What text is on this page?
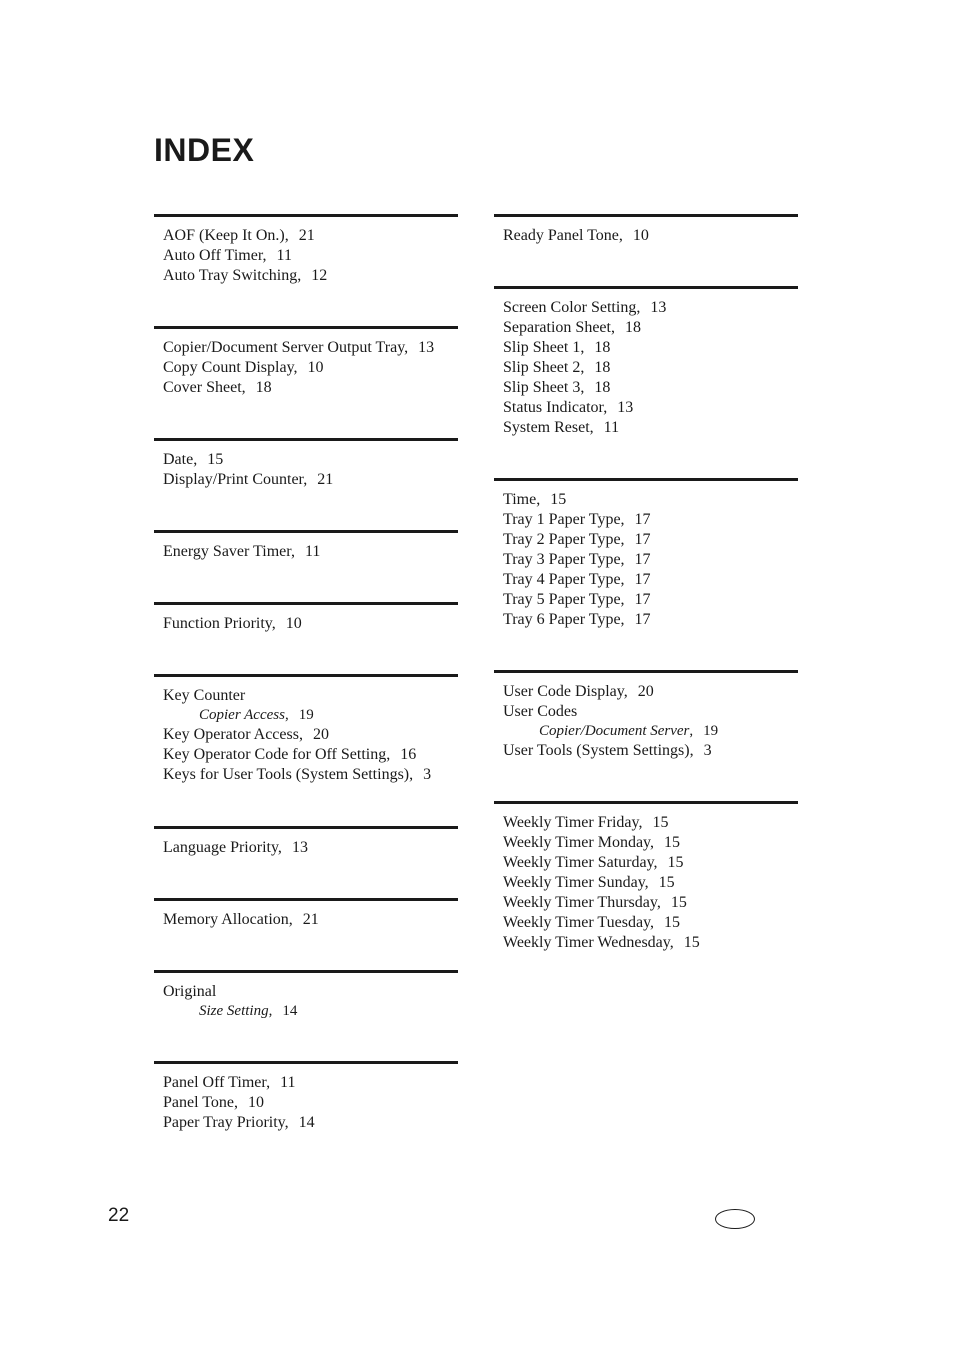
INDEX
AOF (Keep It On.), 21
Auto Off Timer, 11
Auto Tray Switching, 12
Copier/Document Server Output Tray, 13
Copy Count Display, 10
Cover Sheet, 18
Date, 15
Display/Print Counter, 21
Energy Saver Timer, 11
Function Priority, 10
Key Counter
Copier Access, 19
Key Operator Access, 20
Key Operator Code for Off Setting, 16
Keys for User Tools (System Settings), 3
Language Priority, 13
Memory Allocation, 21
Original
Size Setting, 14
Panel Off Timer, 11
Panel Tone, 10
Paper Tray Priority, 14
Ready Panel Tone, 10
Screen Color Setting, 13
Separation Sheet, 18
Slip Sheet 1, 18
Slip Sheet 2, 18
Slip Sheet 3, 18
Status Indicator, 13
System Reset, 11
Time, 15
Tray 1 Paper Type, 17
Tray 2 Paper Type, 17
Tray 3 Paper Type, 17
Tray 4 Paper Type, 17
Tray 5 Paper Type, 17
Tray 6 Paper Type, 17
User Code Display, 20
User Codes
Copier/Document Server, 19
User Tools (System Settings), 3
Weekly Timer Friday, 15
Weekly Timer Monday, 15
Weekly Timer Saturday, 15
Weekly Timer Sunday, 15
Weekly Timer Thursday, 15
Weekly Timer Tuesday, 15
Weekly Timer Wednesday, 15
22
